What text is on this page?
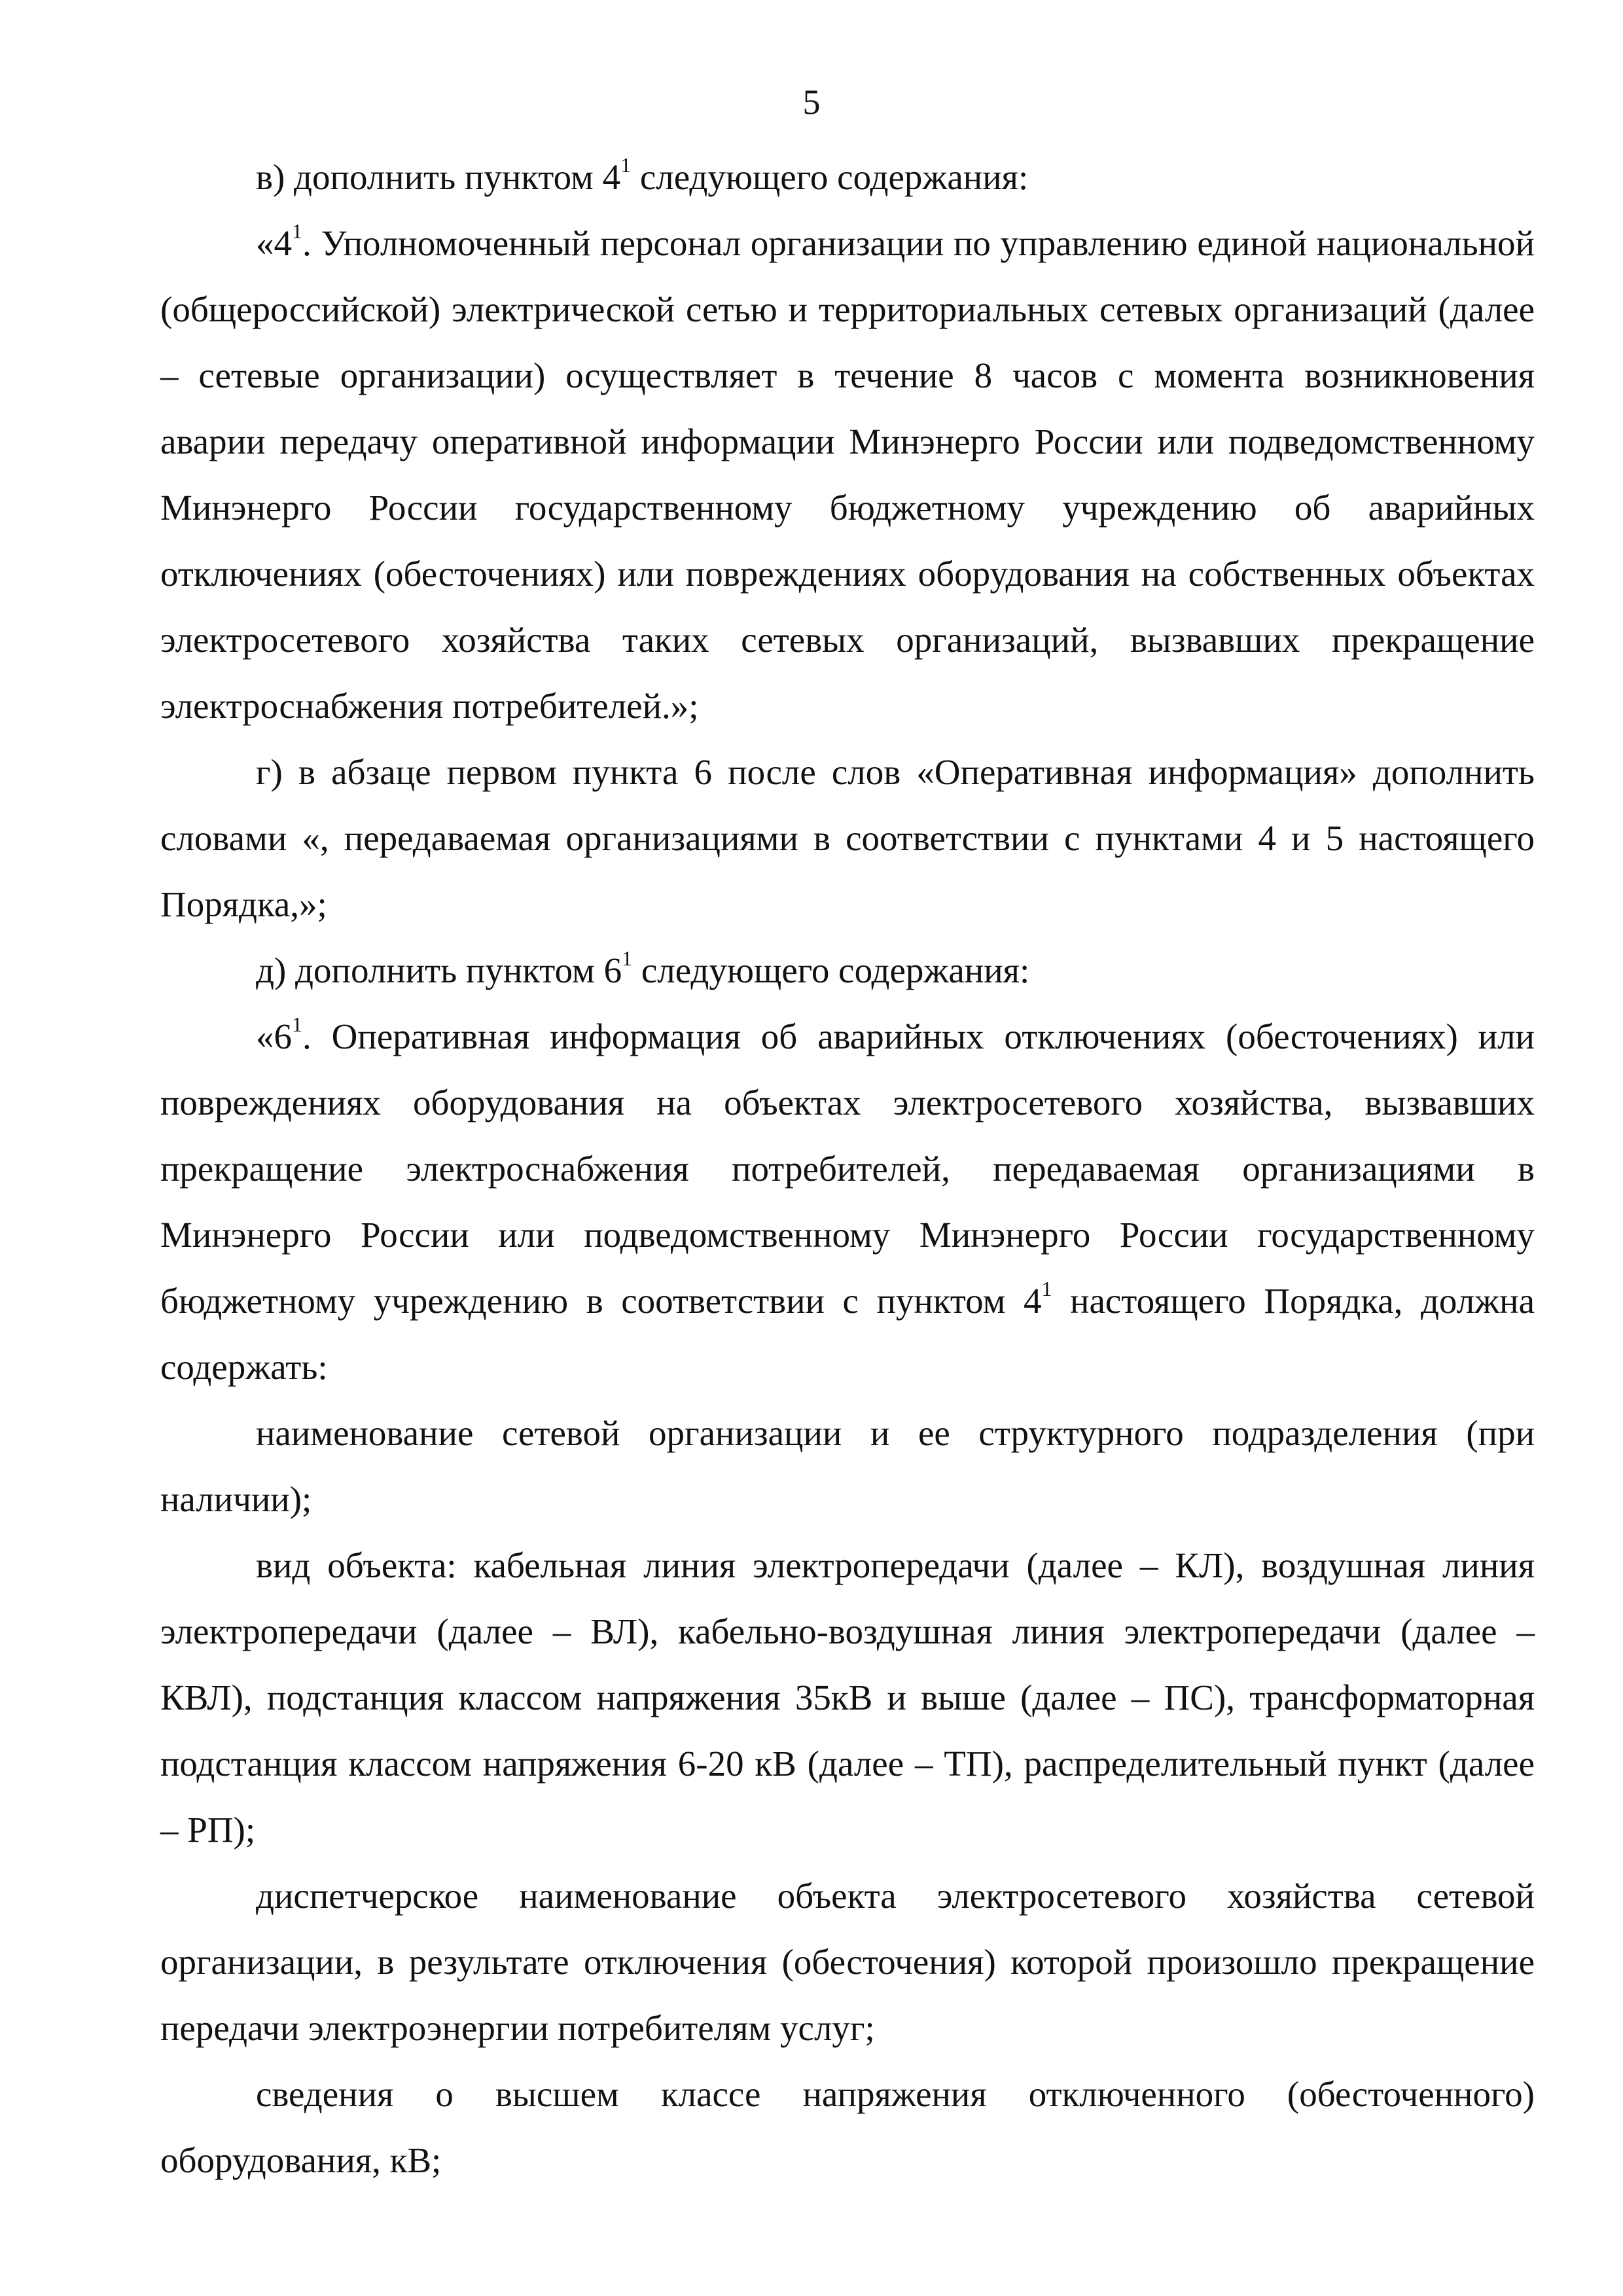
5

в) дополнить пунктом $4^1$ следующего содержания:

«$4^1$. Уполномоченный персонал организации по управлению единой национальной (общероссийской) электрической сетью и территориальных сетевых организаций (далее – сетевые организации) осуществляет в течение 8 часов с момента возникновения аварии передачу оперативной информации Минэнерго России или подведомственному Минэнерго России государственному бюджетному учреждению об аварийных отключениях (обесточениях) или повреждениях оборудования на собственных объектах электросетевого хозяйства таких сетевых организаций, вызвавших прекращение электроснабжения потребителей.»;

г) в абзаце первом пункта 6 после слов «Оперативная информация» дополнить словами «, передаваемая организациями в соответствии с пунктами 4 и 5 настоящего Порядка,»;

д) дополнить пунктом $6^1$ следующего содержания:

«$6^1$. Оперативная информация об аварийных отключениях (обесточениях) или повреждениях оборудования на объектах электросетевого хозяйства, вызвавших прекращение электроснабжения потребителей, передаваемая организациями в Минэнерго России или подведомственному Минэнерго России государственному бюджетному учреждению в соответствии с пунктом $4^1$ настоящего Порядка, должна содержать:

наименование сетевой организации и ее структурного подразделения (при наличии);

вид объекта: кабельная линия электропередачи (далее – КЛ), воздушная линия электропередачи (далее – ВЛ), кабельно-воздушная линия электропередачи (далее – КВЛ), подстанция классом напряжения 35кВ и выше (далее – ПС), трансформаторная подстанция классом напряжения 6-20 кВ (далее – ТП), распределительный пункт (далее – РП);

диспетчерское наименование объекта электросетевого хозяйства сетевой организации, в результате отключения (обесточения) которой произошло прекращение передачи электроэнергии потребителям услуг;

сведения о высшем классе напряжения отключенного (обесточенного) оборудования, кВ;
